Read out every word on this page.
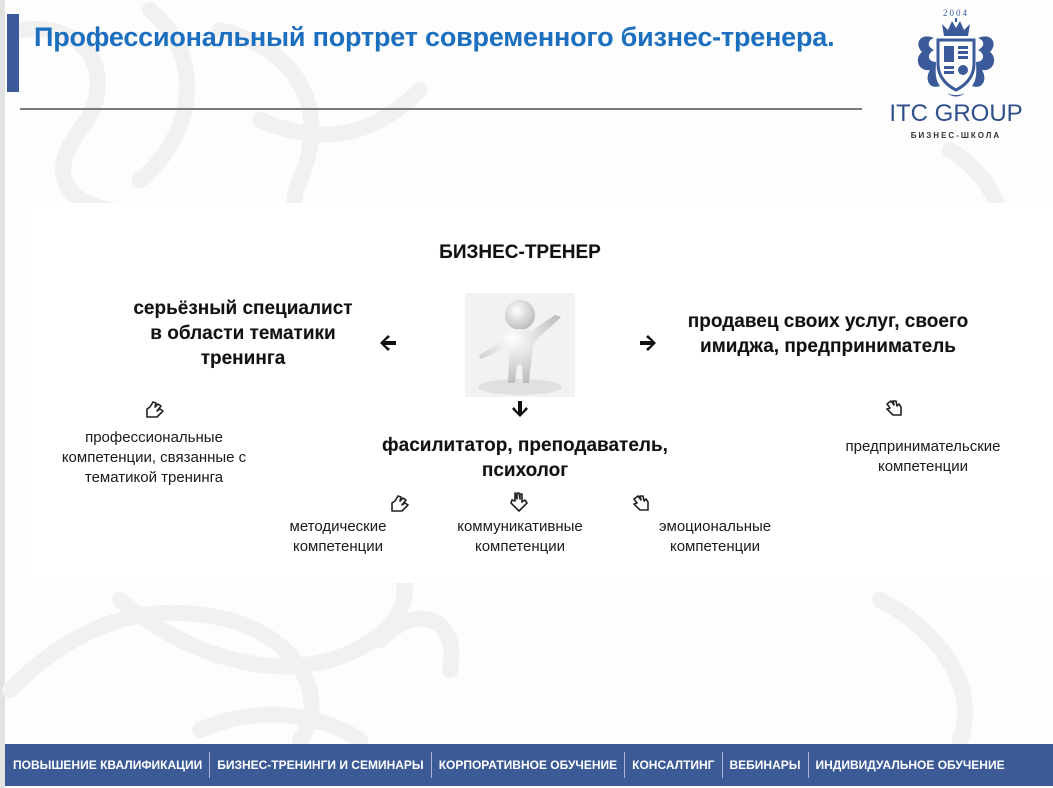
Профессиональный портрет современного бизнес-тренера.
2004
ITC GROUP
БИЗНЕС-ШКОЛА
БИЗНЕС-ТРЕНЕР
серьёзный специалист в области тематики тренинга
продавец своих услуг, своего имиджа, предприниматель
фасилитатор, преподаватель, психолог
профессиональные компетенции, связанные с тематикой тренинга
предпринимательские компетенции
методические компетенции
коммуникативные компетенции
эмоциональные компетенции
ПОВЫШЕНИЕ КВАЛИФИКАЦИИ	БИЗНЕС-ТРЕНИНГИ И СЕМИНАРЫ	КОРПОРАТИВНОЕ ОБУЧЕНИЕ	КОНСАЛТИНГ	ВЕБИНАРЫ	ИНДИВИДУАЛЬНОЕ ОБУЧЕНИЕ
